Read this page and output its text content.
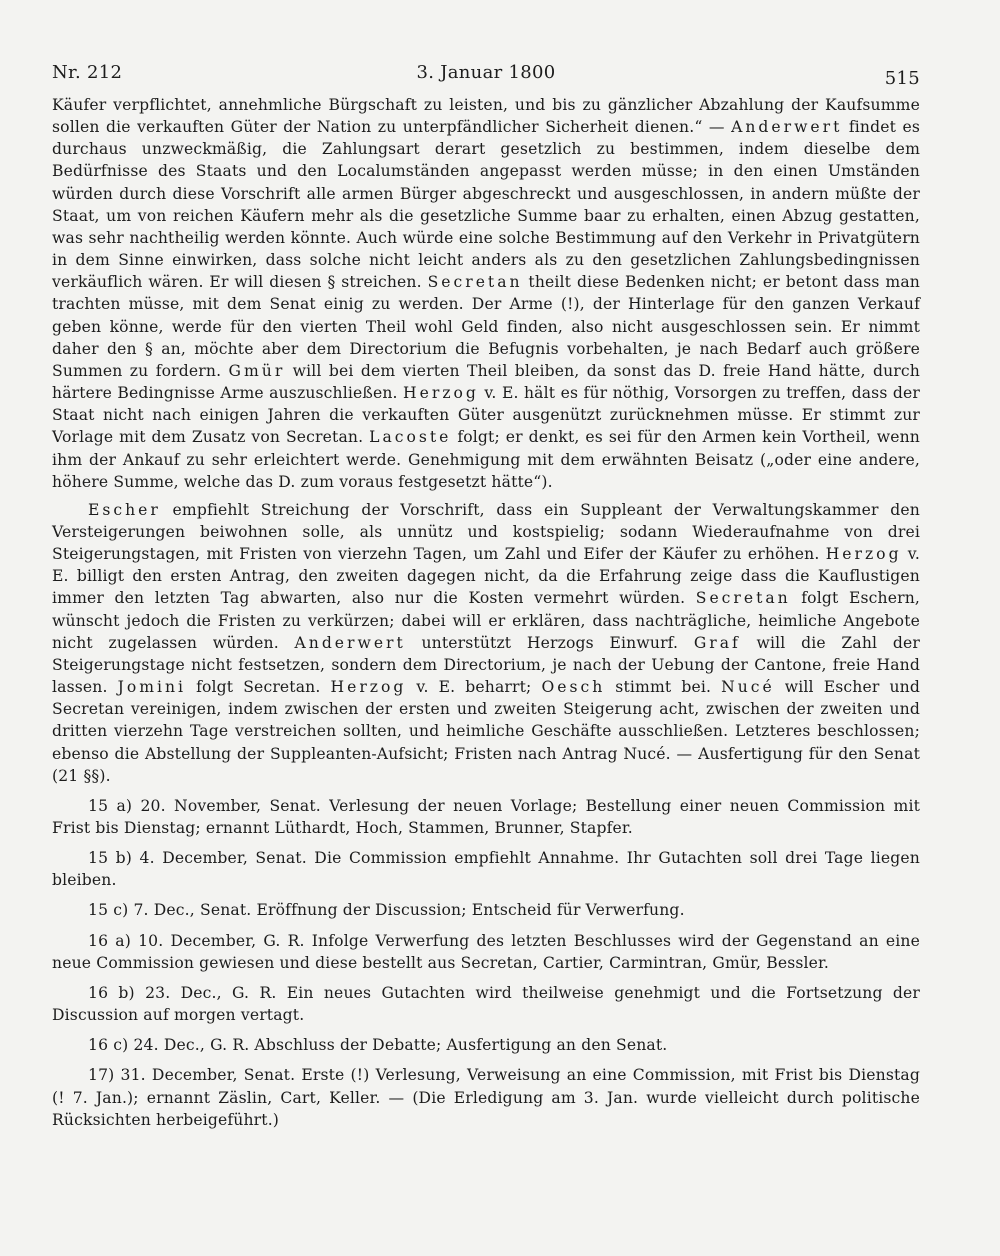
Nr. 212	3. Januar 1800	515

Käufer verpflichtet, annehmliche Bürgschaft zu leisten, und bis zu gänzlicher Abzahlung der Kaufsumme sollen die verkauften Güter der Nation zu unterpfändlicher Sicherheit dienen.“ — Anderwert findet es durchaus unzweckmäßig, die Zahlungsart derart gesetzlich zu bestimmen, indem dieselbe dem Bedürfnisse des Staats und den Localumständen angepasst werden müsse; in den einen Umständen würden durch diese Vorschrift alle armen Bürger abgeschreckt und ausgeschlossen, in andern müßte der Staat, um von reichen Käufern mehr als die gesetzliche Summe baar zu erhalten, einen Abzug gestatten, was sehr nachtheilig werden könnte. Auch würde eine solche Bestimmung auf den Verkehr in Privatgütern in dem Sinne einwirken, dass solche nicht leicht anders als zu den gesetzlichen Zahlungsbedingnissen verkäuflich wären. Er will diesen § streichen. Secretan theilt diese Bedenken nicht; er betont dass man trachten müsse, mit dem Senat einig zu werden. Der Arme (!), der Hinterlage für den ganzen Verkauf geben könne, werde für den vierten Theil wohl Geld finden, also nicht ausgeschlossen sein. Er nimmt daher den § an, möchte aber dem Directorium die Befugnis vorbehalten, je nach Bedarf auch größere Summen zu fordern. Gmür will bei dem vierten Theil bleiben, da sonst das D. freie Hand hätte, durch härtere Bedingnisse Arme auszuschließen. Herzog v. E. hält es für nöthig, Vorsorgen zu treffen, dass der Staat nicht nach einigen Jahren die verkauften Güter ausgenützt zurücknehmen müsse. Er stimmt zur Vorlage mit dem Zusatz von Secretan. Lacoste folgt; er denkt, es sei für den Armen kein Vortheil, wenn ihm der Ankauf zu sehr erleichtert werde. Genehmigung mit dem erwähnten Beisatz („oder eine andere, höhere Summe, welche das D. zum voraus festgesetzt hätte“).

Escher empfiehlt Streichung der Vorschrift, dass ein Suppleant der Verwaltungskammer den Versteigerungen beiwohnen solle, als unnütz und kostspielig; sodann Wiederaufnahme von drei Steigerungstagen, mit Fristen von vierzehn Tagen, um Zahl und Eifer der Käufer zu erhöhen. Herzog v. E. billigt den ersten Antrag, den zweiten dagegen nicht, da die Erfahrung zeige dass die Kauflustigen immer den letzten Tag abwarten, also nur die Kosten vermehrt würden. Secretan folgt Eschern, wünscht jedoch die Fristen zu verkürzen; dabei will er erklären, dass nachträgliche, heimliche Angebote nicht zugelassen würden. Anderwert unterstützt Herzogs Einwurf. Graf will die Zahl der Steigerungstage nicht festsetzen, sondern dem Directorium, je nach der Uebung der Cantone, freie Hand lassen. Jomini folgt Secretan. Herzog v. E. beharrt; Oesch stimmt bei. Nucé will Escher und Secretan vereinigen, indem zwischen der ersten und zweiten Steigerung acht, zwischen der zweiten und dritten vierzehn Tage verstreichen sollten, und heimliche Geschäfte ausschließen. Letzteres beschlossen; ebenso die Abstellung der Suppleanten-Aufsicht; Fristen nach Antrag Nucé. — Ausfertigung für den Senat (21 §§).

15 a) 20. November, Senat. Verlesung der neuen Vorlage; Bestellung einer neuen Commission mit Frist bis Dienstag; ernannt Lüthardt, Hoch, Stammen, Brunner, Stapfer.

15 b) 4. December, Senat. Die Commission empfiehlt Annahme. Ihr Gutachten soll drei Tage liegen bleiben.

15 c) 7. Dec., Senat. Eröffnung der Discussion; Entscheid für Verwerfung.

16 a) 10. December, G. R. Infolge Verwerfung des letzten Beschlusses wird der Gegenstand an eine neue Commission gewiesen und diese bestellt aus Secretan, Cartier, Carmintran, Gmür, Bessler.

16 b) 23. Dec., G. R. Ein neues Gutachten wird theilweise genehmigt und die Fortsetzung der Discussion auf morgen vertagt.

16 c) 24. Dec., G. R. Abschluss der Debatte; Ausfertigung an den Senat.

17) 31. December, Senat. Erste (!) Verlesung, Verweisung an eine Commission, mit Frist bis Dienstag (! 7. Jan.); ernannt Zäslin, Cart, Keller. — (Die Erledigung am 3. Jan. wurde vielleicht durch politische Rücksichten herbeigeführt.)
